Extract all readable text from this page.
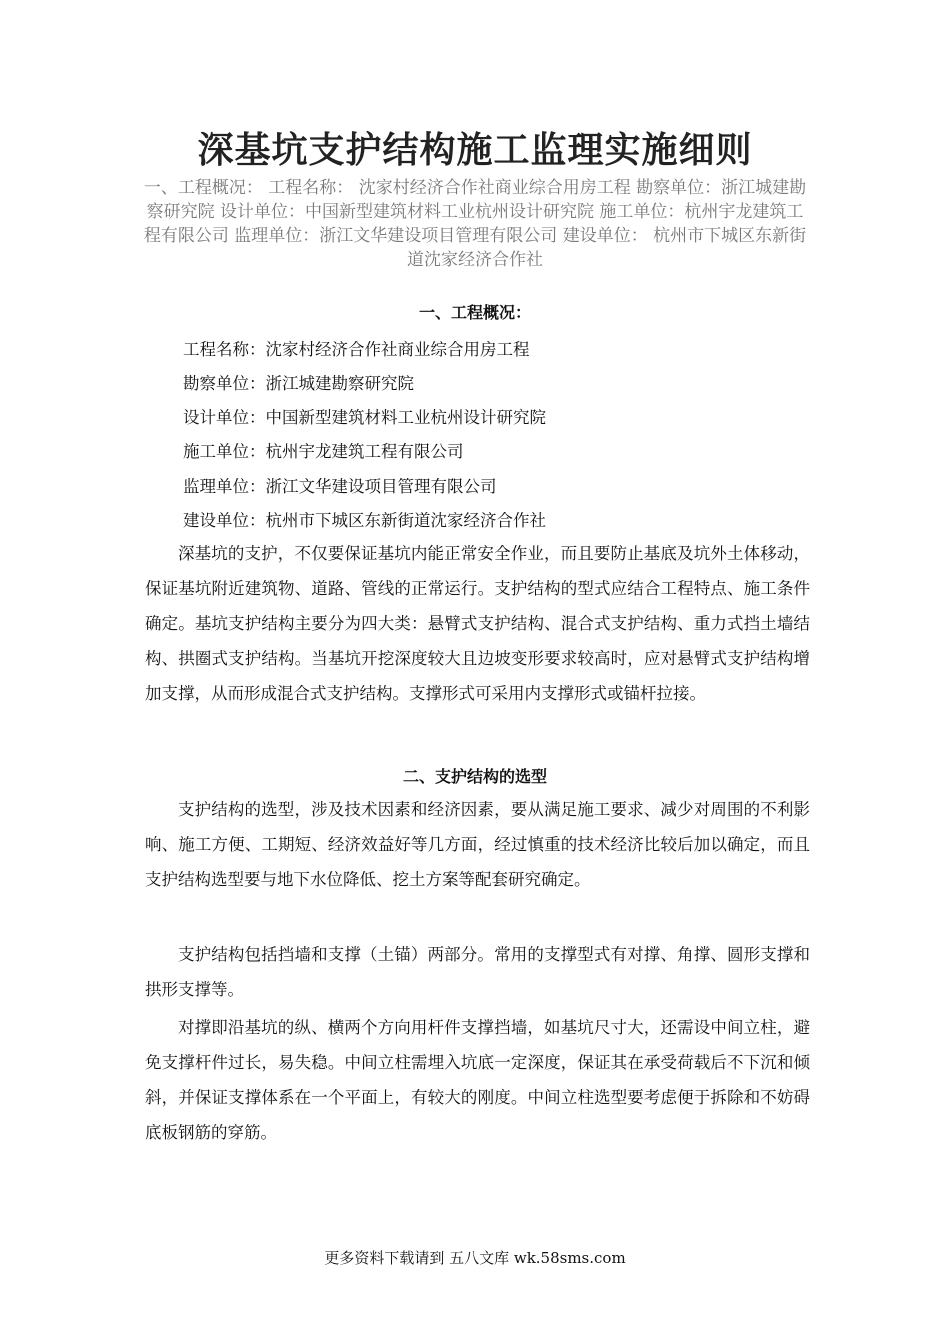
深基坑支护结构施工监理实施细则
一、工程概况： 工程名称： 沈家村经济合作社商业综合用房工程 勘察单位：浙江城建勘察研究院 设计单位：中国新型建筑材料工业杭州设计研究院 施工单位：杭州宇龙建筑工程有限公司 监理单位：浙江文华建设项目管理有限公司 建设单位： 杭州市下城区东新街道沈家经济合作社
一、工程概况：
工程名称：沈家村经济合作社商业综合用房工程
勘察单位：浙江城建勘察研究院
设计单位：中国新型建筑材料工业杭州设计研究院
施工单位：杭州宇龙建筑工程有限公司
监理单位：浙江文华建设项目管理有限公司
建设单位：杭州市下城区东新街道沈家经济合作社
深基坑的支护，不仅要保证基坑内能正常安全作业，而且要防止基底及坑外土体移动，保证基坑附近建筑物、道路、管线的正常运行。支护结构的型式应结合工程特点、施工条件确定。基坑支护结构主要分为四大类：悬臂式支护结构、混合式支护结构、重力式挡土墙结构、拱圈式支护结构。当基坑开挖深度较大且边坡变形要求较高时，应对悬臂式支护结构增加支撑，从而形成混合式支护结构。支撑形式可采用内支撑形式或锚杆拉接。
二、支护结构的选型
支护结构的选型，涉及技术因素和经济因素，要从满足施工要求、减少对周围的不利影响、施工方便、工期短、经济效益好等几方面，经过慎重的技术经济比较后加以确定，而且支护结构选型要与地下水位降低、挖土方案等配套研究确定。
支护结构包括挡墙和支撑（土锚）两部分。常用的支撑型式有对撑、角撑、圆形支撑和拱形支撑等。
对撑即沿基坑的纵、横两个方向用杆件支撑挡墙，如基坑尺寸大，还需设中间立柱，避免支撑杆件过长，易失稳。中间立柱需埋入坑底一定深度，保证其在承受荷载后不下沉和倾斜，并保证支撑体系在一个平面上，有较大的刚度。中间立柱选型要考虑便于拆除和不妨碍底板钢筋的穿筋。
更多资料下载请到 五八文库 wk.58sms.com
